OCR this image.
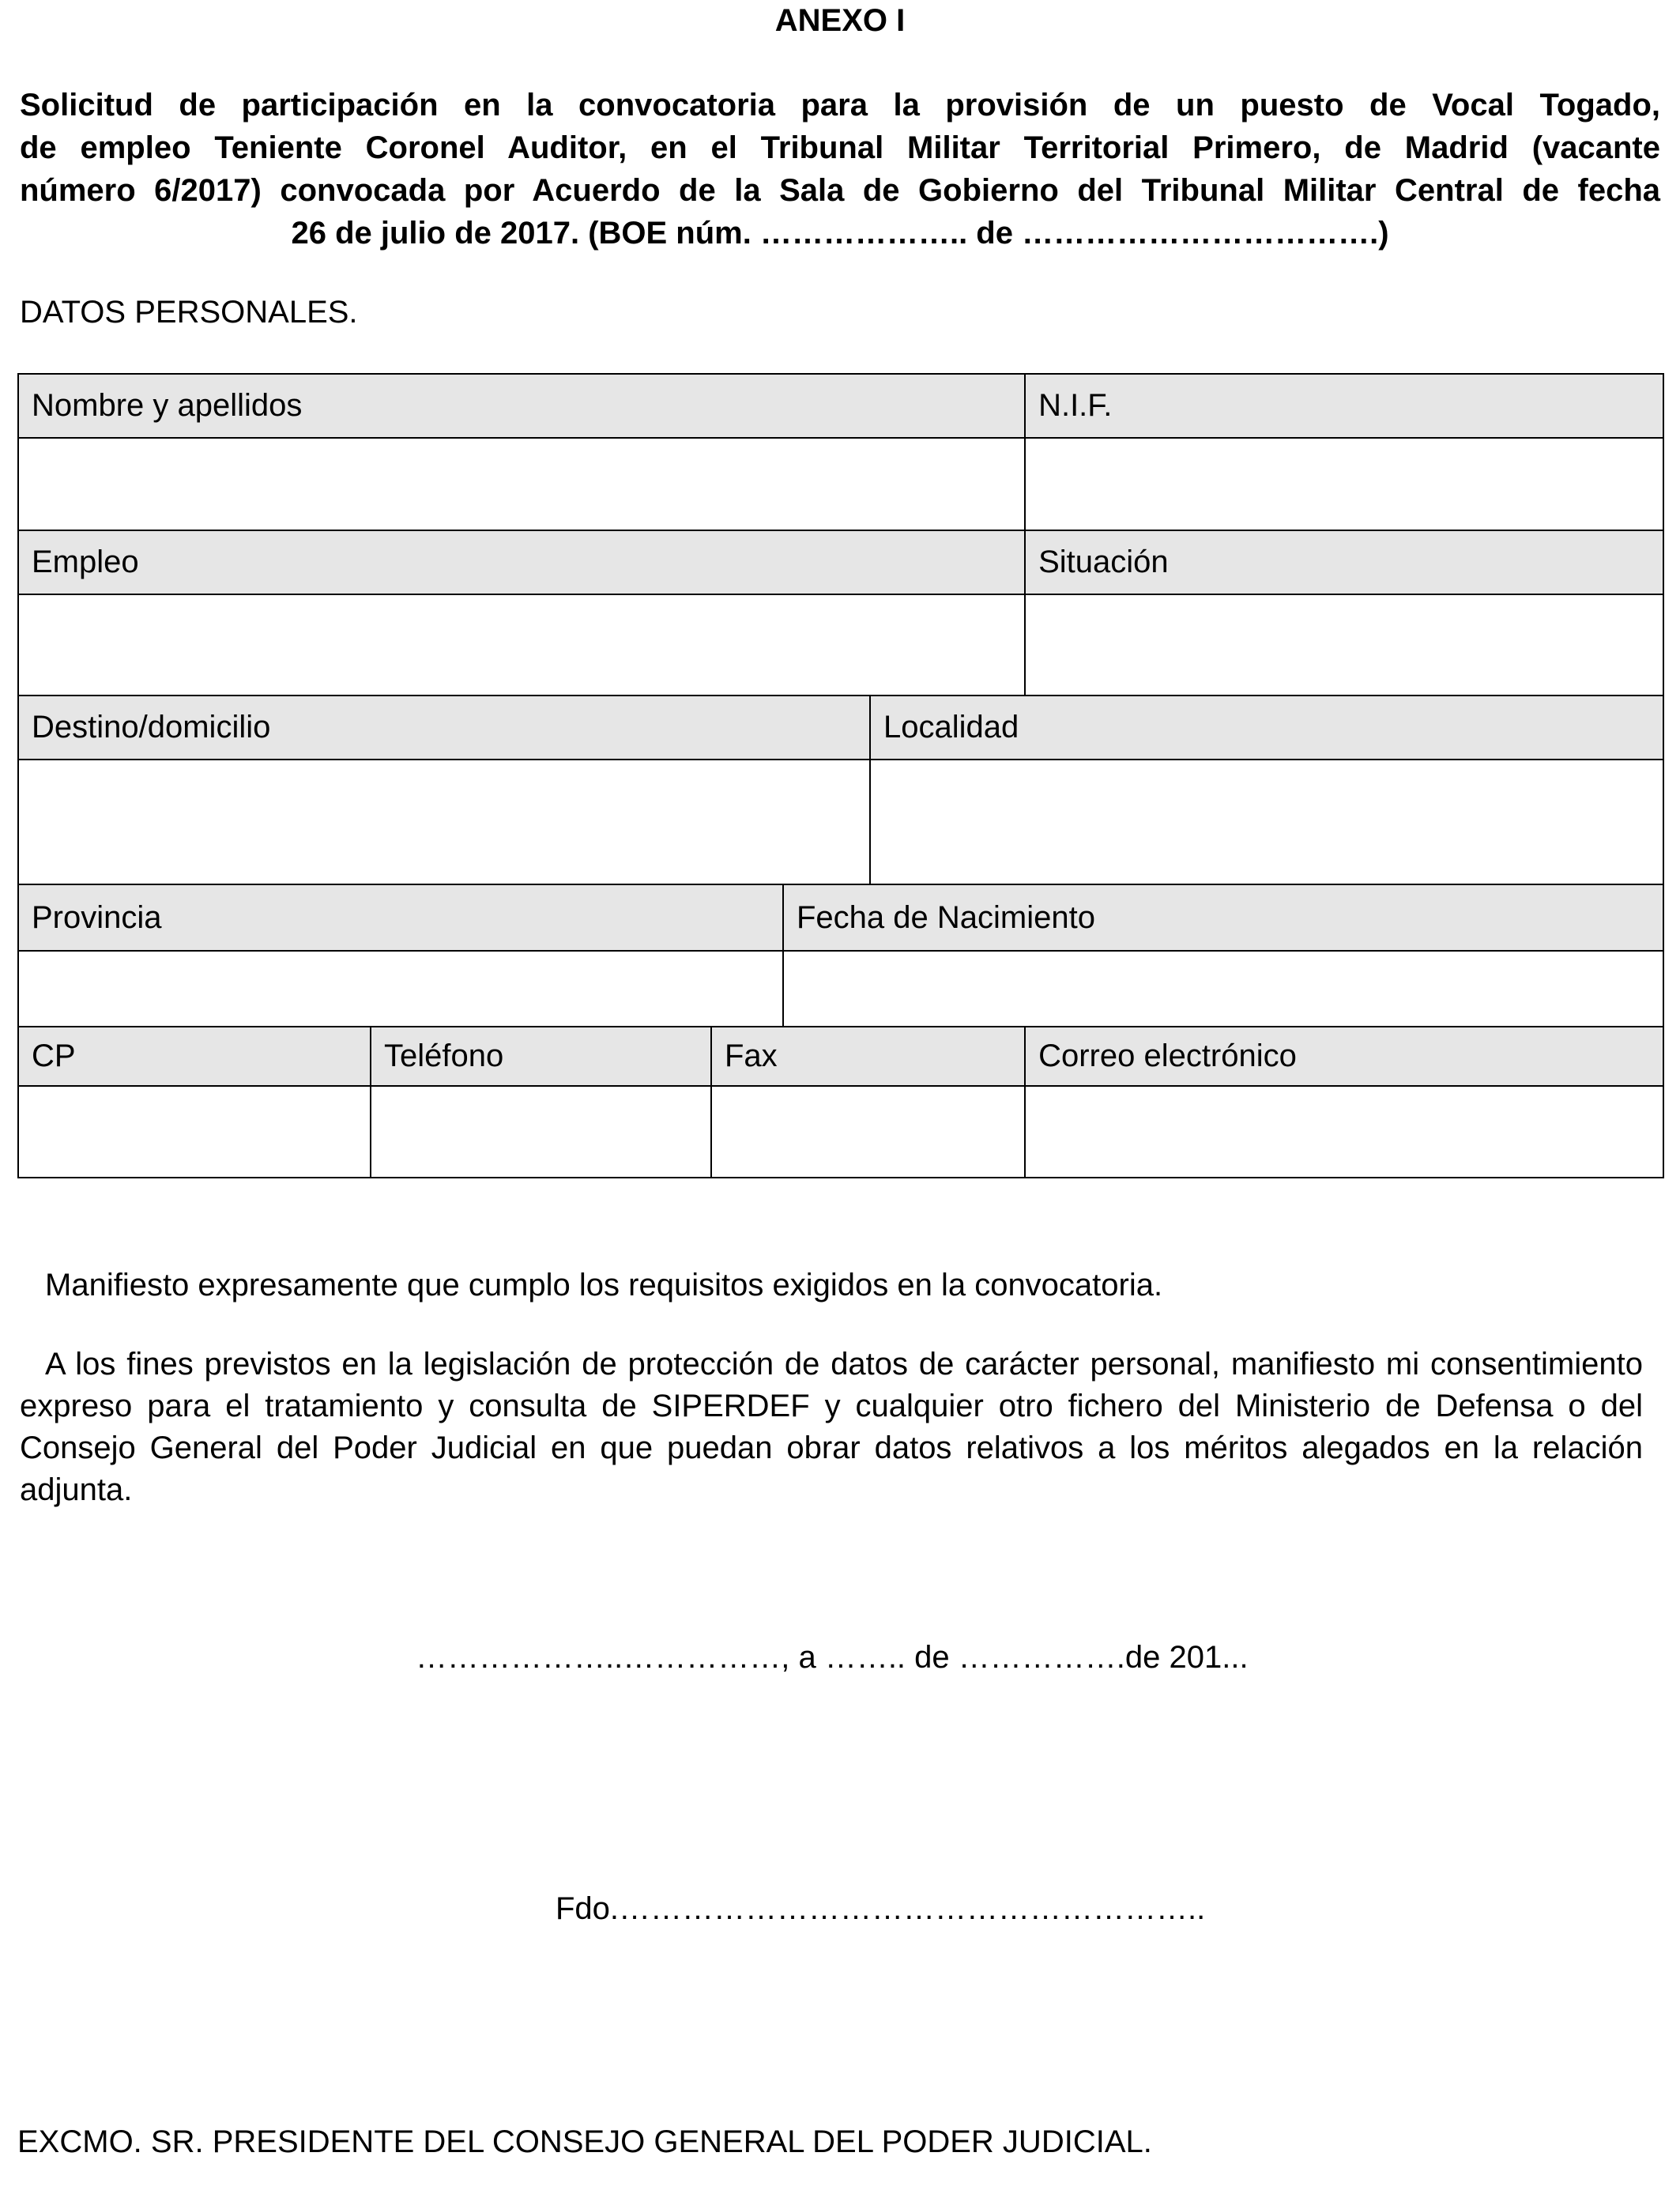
ANEXO I
Solicitud de participación en la convocatoria para la provisión de un puesto de Vocal Togado,
de empleo Teniente Coronel Auditor, en el Tribunal Militar Territorial Primero, de Madrid (vacante
número 6/2017) convocada por Acuerdo de la Sala de Gobierno del Tribunal Militar Central de fecha
26 de julio de 2017. (BOE núm. ……………….. de …………………………….)
DATOS PERSONALES.
Nombre y apellidos					N.I.F.

Empleo					Situación

Destino/domicilio				Localidad	

Provincia			Fecha de Nacimiento		

CP	Teléfono	Fax			Correo electrónico

Manifiesto expresamente que cumplo los requisitos exigidos en la convocatoria.
A los fines previstos en la legislación de protección de datos de carácter personal, manifiesto mi consentimiento expreso para el tratamiento y consulta de SIPERDEF y cualquier otro fichero del Ministerio de Defensa o del Consejo General del Poder Judicial en que puedan obrar datos relativos a los méritos alegados en la relación adjunta.
………………..……………, a …….. de …………….de 201...
Fdo.………………………………………………..
EXCMO. SR. PRESIDENTE DEL CONSEJO GENERAL DEL PODER JUDICIAL.
